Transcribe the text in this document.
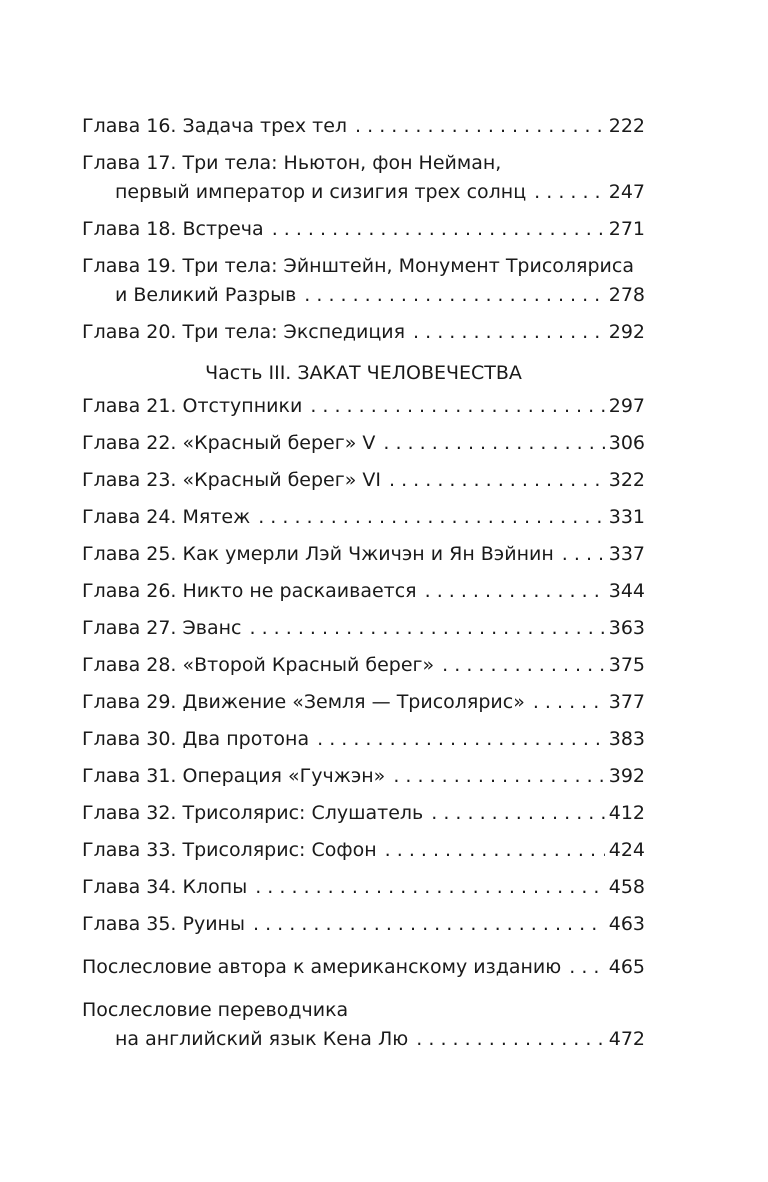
Глава 16. Задача трех тел . . .	222
Глава 17. Три тела: Ньютон, фон Нейман,
первый император и сизигия трех солнц . . .	247
Глава 18. Встреча . . .	271
Глава 19. Три тела: Эйнштейн, Монумент Трисоляриса
и Великий Разрыв . . .	278
Глава 20. Три тела: Экспедиция . . .	292
Часть III. ЗАКАТ ЧЕЛОВЕЧЕСТВА
Глава 21. Отступники . . .	297
Глава 22. «Красный берег» V . . .	306
Глава 23. «Красный берег» VI . . .	322
Глава 24. Мятеж . . .	331
Глава 25. Как умерли Лэй Чжичэн и Ян Вэйнин . . .	337
Глава 26. Никто не раскаивается . . .	344
Глава 27. Эванс . . .	363
Глава 28. «Второй Красный берег» . . .	375
Глава 29. Движение «Земля — Трисолярис» . . .	377
Глава 30. Два протона . . .	383
Глава 31. Операция «Гучжэн» . . .	392
Глава 32. Трисолярис: Слушатель . . .	412
Глава 33. Трисолярис: Софон . . .	424
Глава 34. Клопы . . .	458
Глава 35. Руины . . .	463
Послесловие автора к американскому изданию . . . 465
Послесловие переводчика
на английский язык Кена Лю . . .	472
